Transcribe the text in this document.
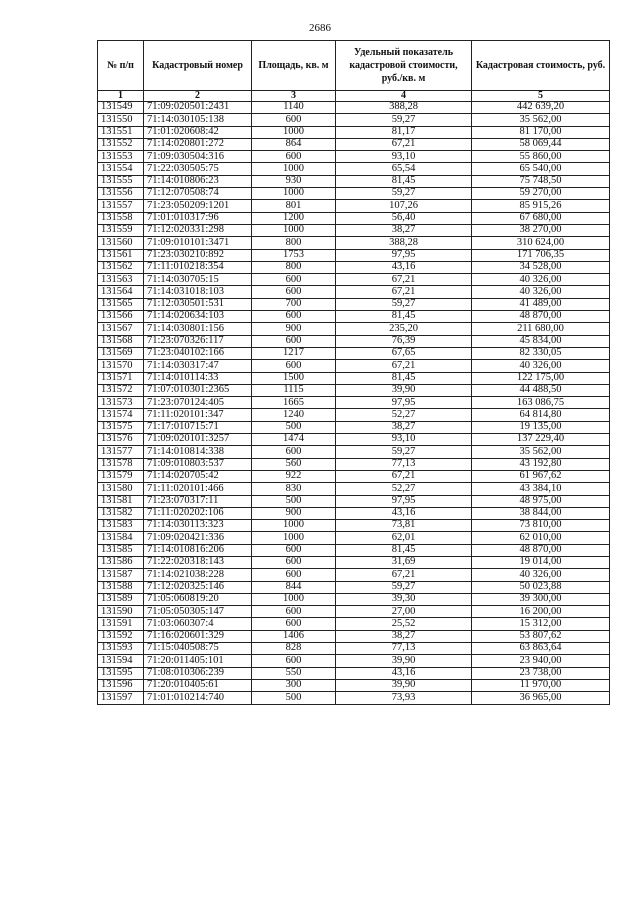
2686
№ п/п	Кадастровый номер	Площадь, кв. м	Удельный показатель кадастровой стоимости, руб./кв. м	Кадастровая стоимость, руб.
1	2	3	4	5
131549	71:09:020501:2431	1140	388,28	442 639,20
131550	71:14:030105:138	600	59,27	35 562,00
131551	71:01:020608:42	1000	81,17	81 170,00
131552	71:14:020801:272	864	67,21	58 069,44
131553	71:09:030504:316	600	93,10	55 860,00
131554	71:22:030505:75	1000	65,54	65 540,00
131555	71:14:010806:23	930	81,45	75 748,50
131556	71:12:070508:74	1000	59,27	59 270,00
131557	71:23:050209:1201	801	107,26	85 915,26
131558	71:01:010317:96	1200	56,40	67 680,00
131559	71:12:020331:298	1000	38,27	38 270,00
131560	71:09:010101:3471	800	388,28	310 624,00
131561	71:23:030210:892	1753	97,95	171 706,35
131562	71:11:010218:354	800	43,16	34 528,00
131563	71:14:030705:15	600	67,21	40 326,00
131564	71:14:031018:103	600	67,21	40 326,00
131565	71:12:030501:531	700	59,27	41 489,00
131566	71:14:020634:103	600	81,45	48 870,00
131567	71:14:030801:156	900	235,20	211 680,00
131568	71:23:070326:117	600	76,39	45 834,00
131569	71:23:040102:166	1217	67,65	82 330,05
131570	71:14:030317:47	600	67,21	40 326,00
131571	71:14:010114:33	1500	81,45	122 175,00
131572	71:07:010301:2365	1115	39,90	44 488,50
131573	71:23:070124:405	1665	97,95	163 086,75
131574	71:11:020101:347	1240	52,27	64 814,80
131575	71:17:010715:71	500	38,27	19 135,00
131576	71:09:020101:3257	1474	93,10	137 229,40
131577	71:14:010814:338	600	59,27	35 562,00
131578	71:09:010803:537	560	77,13	43 192,80
131579	71:14:020705:42	922	67,21	61 967,62
131580	71:11:020101:466	830	52,27	43 384,10
131581	71:23:070317:11	500	97,95	48 975,00
131582	71:11:020202:106	900	43,16	38 844,00
131583	71:14:030113:323	1000	73,81	73 810,00
131584	71:09:020421:336	1000	62,01	62 010,00
131585	71:14:010816:206	600	81,45	48 870,00
131586	71:22:020318:143	600	31,69	19 014,00
131587	71:14:021038:228	600	67,21	40 326,00
131588	71:12:020325:146	844	59,27	50 023,88
131589	71:05:060819:20	1000	39,30	39 300,00
131590	71:05:050305:147	600	27,00	16 200,00
131591	71:03:060307:4	600	25,52	15 312,00
131592	71:16:020601:329	1406	38,27	53 807,62
131593	71:15:040508:75	828	77,13	63 863,64
131594	71:20:011405:101	600	39,90	23 940,00
131595	71:08:010306:239	550	43,16	23 738,00
131596	71:20:010405:61	300	39,90	11 970,00
131597	71:01:010214:740	500	73,93	36 965,00
